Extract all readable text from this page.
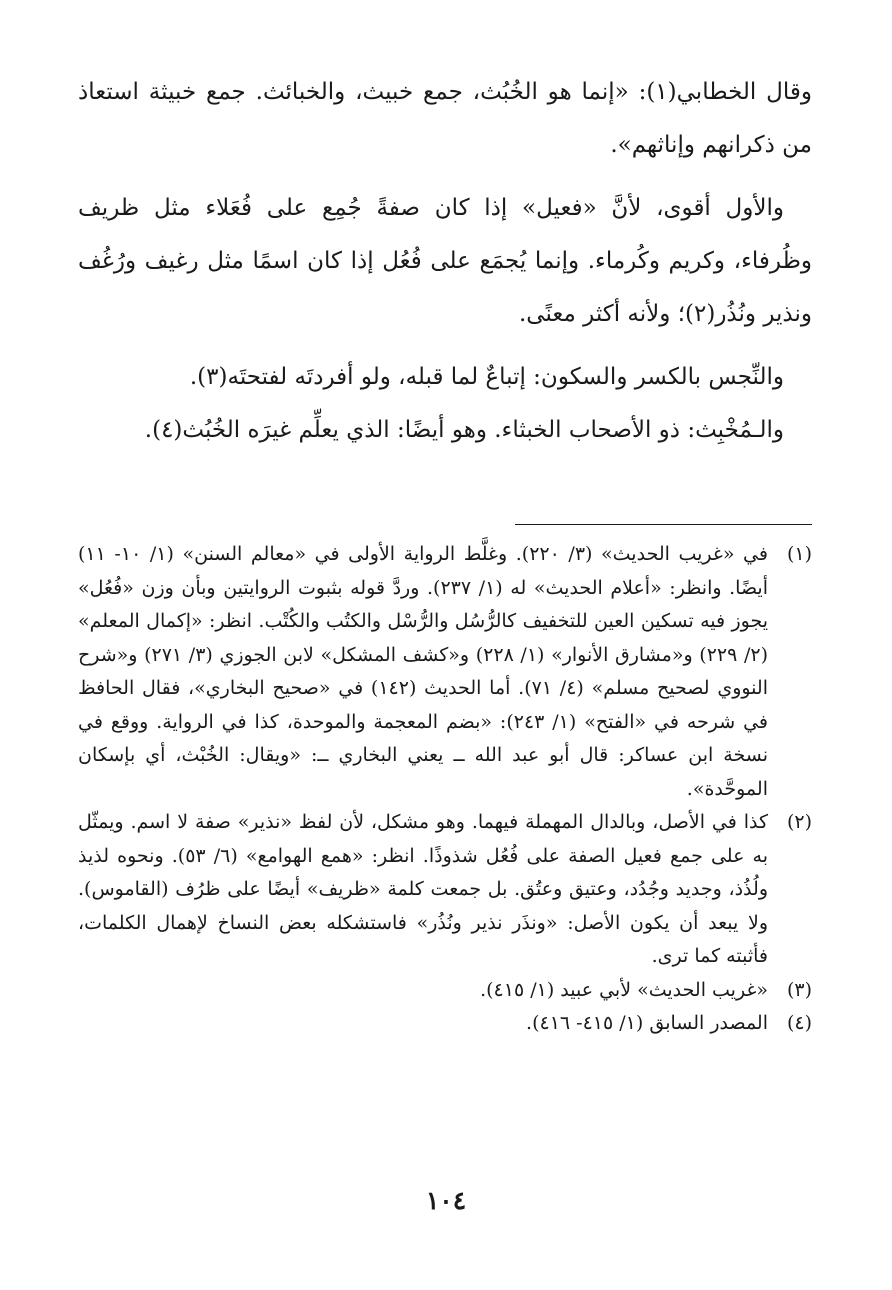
وقال الخطابي(١): «إنما هو الخُبُث، جمع خبيث، والخبائث. جمع خبيثة استعاذ من ذكرانهم وإناثهم».

والأول أقوى، لأنَّ «فعيل» إذا كان صفةً جُمِع على فُعَلاء مثل ظريف وظُرفاء، وكريم وكُرماء. وإنما يُجمَع على فُعُل إذا كان اسمًا مثل رغيف ورُغُف ونذير ونُذُر(٢)؛ ولأنه أكثر معنًى.

والنِّجس بالكسر والسكون: إتباعٌ لما قبله، ولو أفردتَه لفتحتَه(٣).

والـمُخْبِث: ذو الأصحاب الخبثاء. وهو أيضًا: الذي يعلِّم غيرَه الخُبُث(٤).

(١)
في «غريب الحديث» (٣/ ٢٢٠). وغلَّط الرواية الأولى في «معالم السنن» (١/ ١٠- ١١) أيضًا. وانظر: «أعلام الحديث» له (١/ ٢٣٧). وردَّ قوله بثبوت الروايتين وبأن وزن «فُعُل» يجوز فيه تسكين العين للتخفيف كالرُّسُل والرُّسْل والكتُب والكُتْب. انظر: «إكمال المعلم» (٢/ ٢٢٩) و«مشارق الأنوار» (١/ ٢٢٨) و«كشف المشكل» لابن الجوزي (٣/ ٢٧١) و«شرح النووي لصحيح مسلم» (٤/ ٧١). أما الحديث (١٤٢) في «صحيح البخاري»، فقال الحافظ في شرحه في «الفتح» (١/ ٢٤٣): «بضم المعجمة والموحدة، كذا في الرواية. ووقع في نسخة ابن عساكر: قال أبو عبد الله ــ يعني البخاري ــ: «ويقال: الخُبْث، أي بإسكان الموحَّدة».

(٢)
كذا في الأصل، وبالدال المهملة فيهما. وهو مشكل، لأن لفظ «نذير» صفة لا اسم. ويمثّل به على جمع فعيل الصفة على فُعُل شذوذًا. انظر: «همع الهوامع» (٦/ ٥٣). ونحوه لذيذ ولُذُذ، وجديد وجُدُد، وعتيق وعتُق. بل جمعت كلمة «ظريف» أيضًا على ظرُف (القاموس). ولا يبعد أن يكون الأصل: «ونذَر نذير ونُذُر» فاستشكله بعض النساخ لإهمال الكلمات، فأثبته كما ترى.

(٣)
«غريب الحديث» لأبي عبيد (١/ ٤١٥).

(٤)
المصدر السابق (١/ ٤١٥- ٤١٦).

١٠٤
